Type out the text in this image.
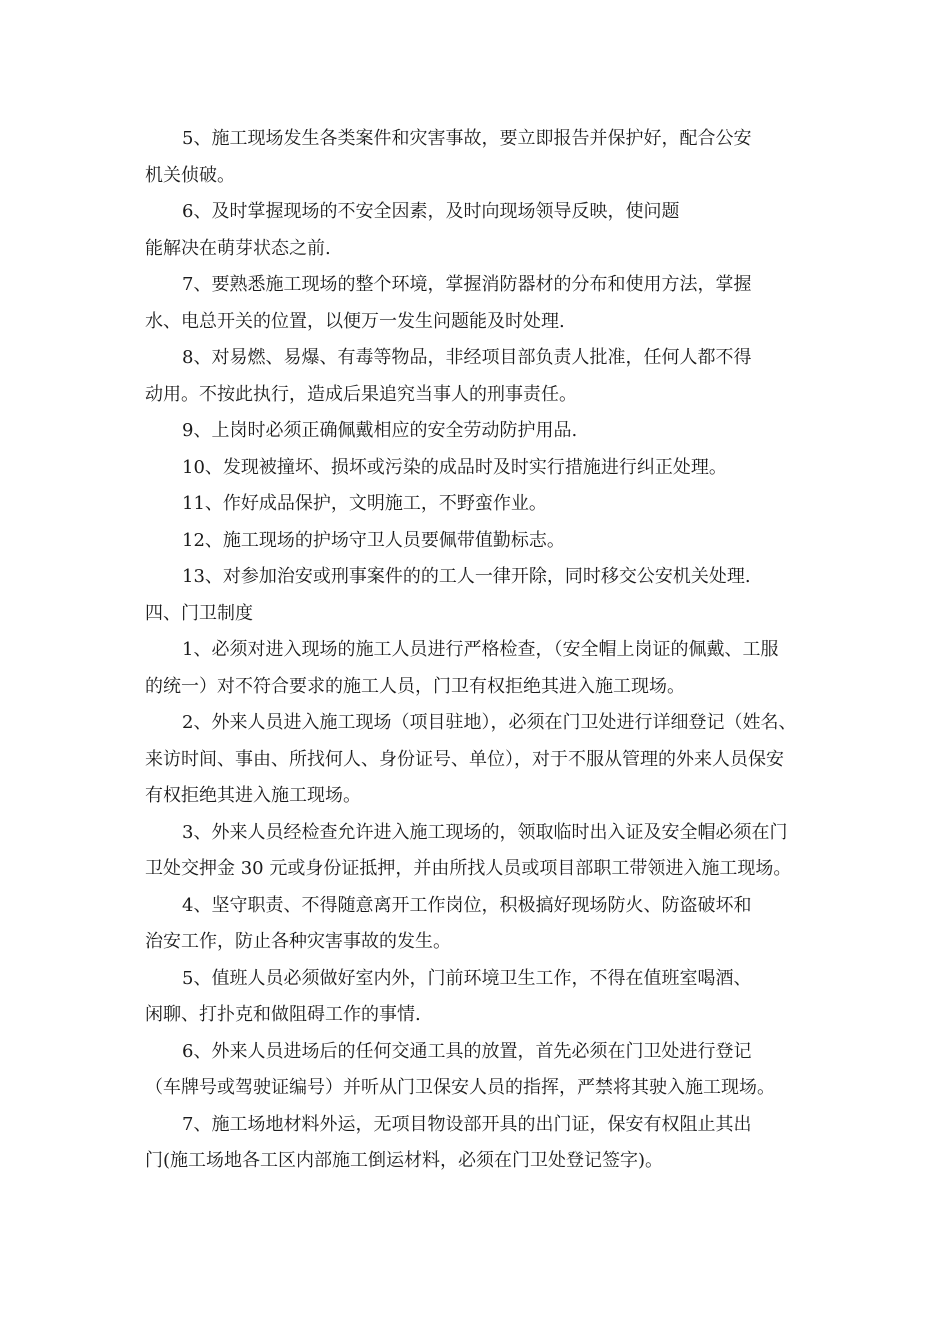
5、施工现场发生各类案件和灾害事故，要立即报告并保护好，配合公安
机关侦破。
6、及时掌握现场的不安全因素，及时向现场领导反映，使问题
能解决在萌芽状态之前.
7、要熟悉施工现场的整个环境，掌握消防器材的分布和使用方法，掌握
水、电总开关的位置，以便万一发生问题能及时处理.
8、对易燃、易爆、有毒等物品，非经项目部负责人批准，任何人都不得
动用。不按此执行，造成后果追究当事人的刑事责任。
9、上岗时必须正确佩戴相应的安全劳动防护用品.
10、发现被撞坏、损坏或污染的成品时及时实行措施进行纠正处理。
11、作好成品保护，文明施工，不野蛮作业。
12、施工现场的护场守卫人员要佩带值勤标志。
13、对参加治安或刑事案件的的工人一律开除，同时移交公安机关处理.
四、门卫制度
1、必须对进入现场的施工人员进行严格检查，（安全帽上岗证的佩戴、工服
的统一）对不符合要求的施工人员，门卫有权拒绝其进入施工现场。
2、外来人员进入施工现场（项目驻地），必须在门卫处进行详细登记（姓名、
来访时间、事由、所找何人、身份证号、单位），对于不服从管理的外来人员保安
有权拒绝其进入施工现场。
3、外来人员经检查允许进入施工现场的，领取临时出入证及安全帽必须在门
卫处交押金 30 元或身份证抵押，并由所找人员或项目部职工带领进入施工现场。
4、坚守职责、不得随意离开工作岗位，积极搞好现场防火、防盗破坏和
治安工作，防止各种灾害事故的发生。
5、值班人员必须做好室内外，门前环境卫生工作，不得在值班室喝酒、
闲聊、打扑克和做阻碍工作的事情.
6、外来人员进场后的任何交通工具的放置，首先必须在门卫处进行登记
（车牌号或驾驶证编号）并听从门卫保安人员的指挥，严禁将其驶入施工现场。
7、施工场地材料外运，无项目物设部开具的出门证，保安有权阻止其出
门(施工场地各工区内部施工倒运材料，必须在门卫处登记签字)。
